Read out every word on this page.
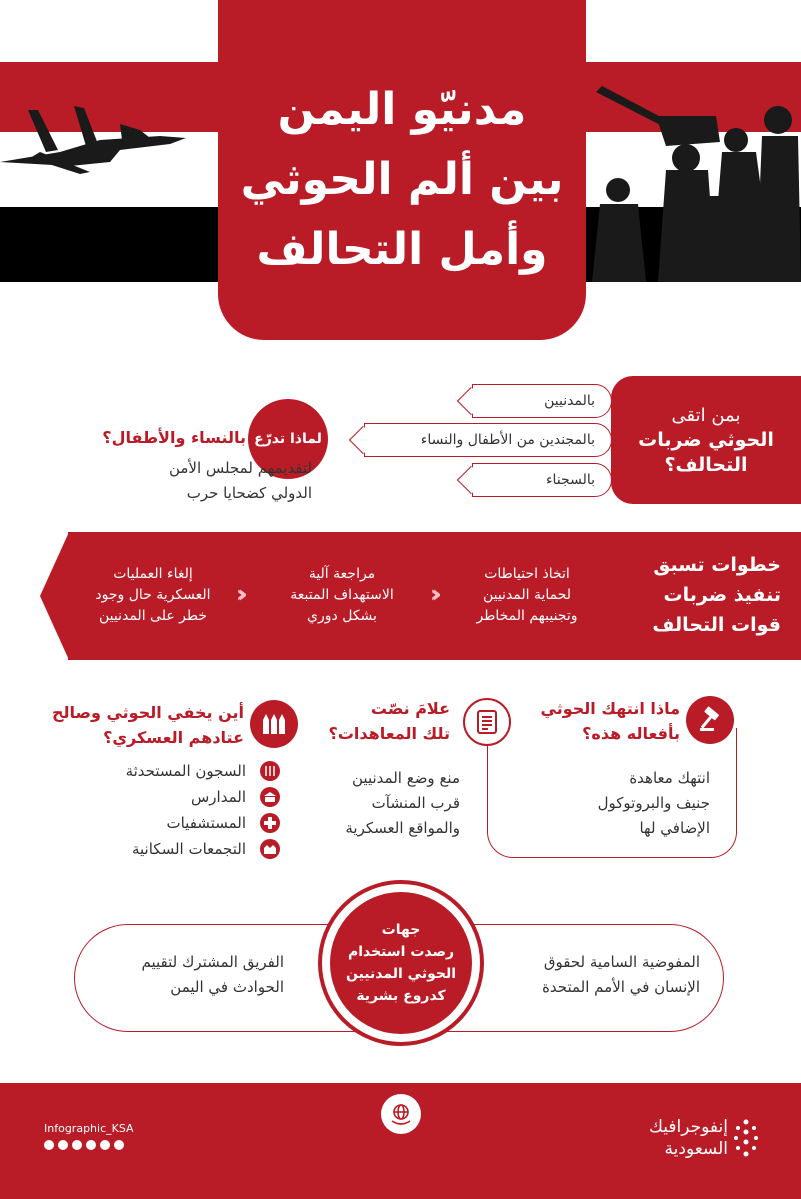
مدنيّو اليمن
بين ألم الحوثي
وأمل التحالف
بمن اتقى
الحوثي ضربات
التحالف؟
بالمدنيين
بالمجندين من الأطفال والنساء
بالسجناء
لماذا تدرّع
بالنساء والأطفال؟
لتقديمهم لمجلس الأمن
الدولي كضحايا حرب
خطوات تسبق
تنفيذ ضربات
قوات التحالف
اتخاذ احتياطات
لحماية المدنيين
وتجنيبهم المخاطر
‹‹
مراجعة آلية
الاستهداف المتبعة
بشكل دوري
‹‹
إلغاء العمليات
العسكرية حال وجود
خطر على المدنيين
ماذا انتهك الحوثي
بأفعاله هذه؟
انتهك معاهدة
جنيف والبروتوكول
الإضافي لها
علامَ نصّت
تلك المعاهدات؟
منع وضع المدنيين
قرب المنشآت
والمواقع العسكرية
أين يخفي الحوثي وصالح
عتادهم العسكري؟
السجون المستحدثة
المدارس
المستشفيات
التجمعات السكانية
جهات
رصدت استخدام
الحوثي المدنيين
كدروع بشرية
المفوضية السامية لحقوق
الإنسان في الأمم المتحدة
الفريق المشترك لتقييم
الحوادث في اليمن
Infographic_KSA	إنفوجرافيك
السعودية
